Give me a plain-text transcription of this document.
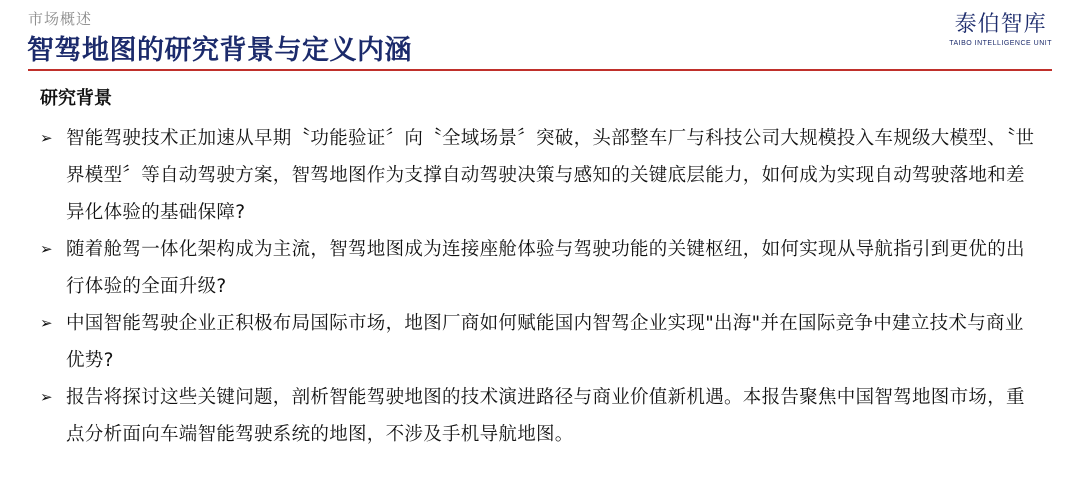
市场概述
智驾地图的研究背景与定义内涵
泰伯智库
TAIBO INTELLIGENCE UNIT
研究背景
➢ 智能驾驶技术正加速从早期〝功能验证〞向〝全域场景〞突破，头部整车厂与科技公司大规模投入车规级大模型、〝世界模型〞等自动驾驶方案，智驾地图作为支撑自动驾驶决策与感知的关键底层能力，如何成为实现自动驾驶落地和差异化体验的基础保障?
➢ 随着舱驾一体化架构成为主流，智驾地图成为连接座舱体验与驾驶功能的关键枢纽，如何实现从导航指引到更优的出行体验的全面升级?
➢ 中国智能驾驶企业正积极布局国际市场，地图厂商如何赋能国内智驾企业实现"出海"并在国际竞争中建立技术与商业优势?
➢ 报告将探讨这些关键问题，剖析智能驾驶地图的技术演进路径与商业价值新机遇。本报告聚焦中国智驾地图市场，重点分析面向车端智能驾驶系统的地图，不涉及手机导航地图。
